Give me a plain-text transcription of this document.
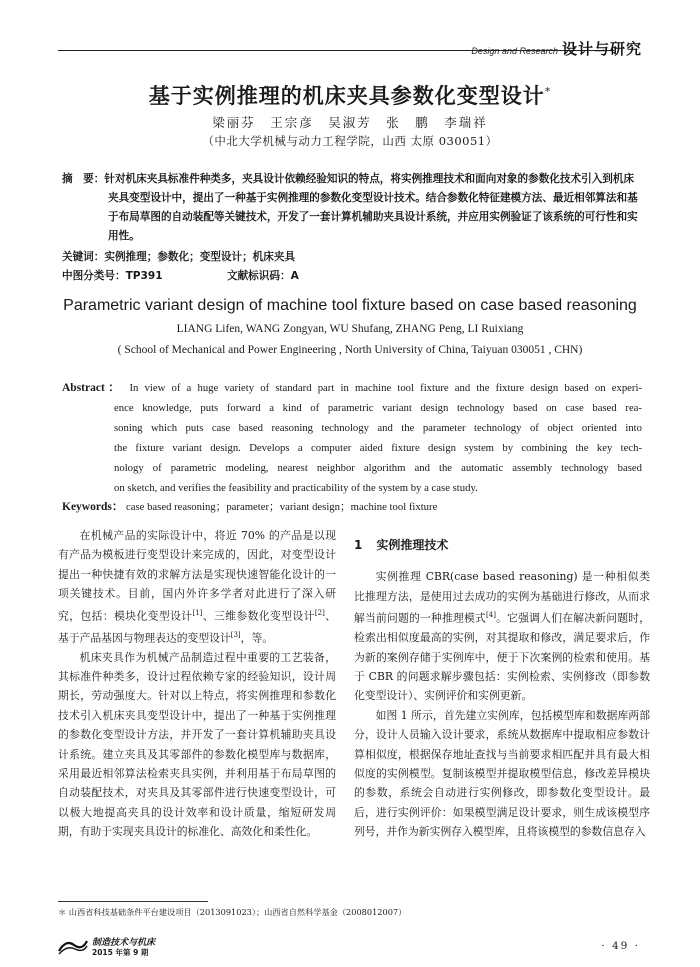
Design and Research 设计与研究
基于实例推理的机床夹具参数化变型设计*
梁丽芬　王宗彦　吴淑芳　张　鹏　李瑞祥
（中北大学机械与动力工程学院，山西 太原 030051）
摘　要：针对机床夹具标准件种类多，夹具设计依赖经验知识的特点，将实例推理技术和面向对象的参数化技术引入到机床夹具变型设计中，提出了一种基于实例推理的参数化变型设计技术。结合参数化特征建模方法、最近相邻算法和基于布局草图的自动装配等关键技术，开发了一套计算机辅助夹具设计系统，并应用实例验证了该系统的可行性和实用性。
关键词：实例推理；参数化；变型设计；机床夹具
中图分类号：TP391	文献标识码：A
Parametric variant design of machine tool fixture based on case based reasoning
LIANG Lifen, WANG Zongyan, WU Shufang, ZHANG Peng, LI Ruixiang
( School of Mechanical and Power Engineering , North University of China, Taiyuan 030051 , CHN)
Abstract： In view of a huge variety of standard part in machine tool fixture and the fixture design based on experi-
ence knowledge, puts forward a kind of parametric variant design technology based on case based rea-
soning which puts case based reasoning technology and the parameter technology of object oriented into
the fixture variant design. Develops a computer aided fixture design system by combining the key tech-
nology of parametric modeling, nearest neighbor algorithm and the automatic assembly technology based
on sketch, and verifies the feasibility and practicability of the system by a case study.
Keywords： case based reasoning；parameter；variant design；machine tool fixture

在机械产品的实际设计中，将近 70% 的产品是以现有产品为模板进行变型设计来完成的，因此，对变型设计提出一种快捷有效的求解方法是实现快速智能化设计的一项关键技术。目前，国内外许多学者对此进行了深入研究，包括：模块化变型设计[1]、三维参数化变型设计[2]、基于产品基因与物理表达的变型设计[3]，等。

机床夹具作为机械产品制造过程中重要的工艺装备，其标准件种类多，设计过程依赖专家的经验知识，设计周期长，劳动强度大。针对以上特点，将实例推理和参数化技术引入机床夹具变型设计中，提出了一种基于实例推理的参数化变型设计方法，并开发了一套计算机辅助夹具设计系统。建立夹具及其零部件的参数化模型库与数据库，采用最近相邻算法检索夹具实例，并利用基于布局草图的自动装配技术，对夹具及其零部件进行快速变型设计，可以极大地提高夹具的设计效率和设计质量，缩短研发周期，有助于实现夹具设计的标准化、高效化和柔性化。

1 实例推理技术

实例推理 CBR(case based reasoning) 是一种相似类比推理方法，是使用过去成功的实例为基础进行修改，从而求解当前问题的一种推理模式[4]。它强调人们在解决新问题时，检索出相似度最高的实例，对其提取和修改，满足要求后，作为新的案例存储于实例库中，便于下次案例的检索和使用。基于 CBR 的问题求解步骤包括：实例检索、实例修改（即参数化变型设计）、实例评价和实例更新。

如图 1 所示，首先建立实例库，包括模型库和数据库两部分，设计人员输入设计要求，系统从数据库中提取相应参数计算相似度，根据保存地址查找与当前要求相匹配并具有最大相似度的实例模型。复制该模型并提取模型信息，修改差异模块的参数，系统会自动进行实例修改，即参数化变型设计。最后，进行实例评价：如果模型满足设计要求，则生成该模型序列号，并作为新实例存入模型库，且将该模型的参数信息存入

＊ 山西省科技基础条件平台建设项目（2013091023）；山西省自然科学基金（2008012007）
制造技术与机床
2015 年第 9 期
· 49 ·
